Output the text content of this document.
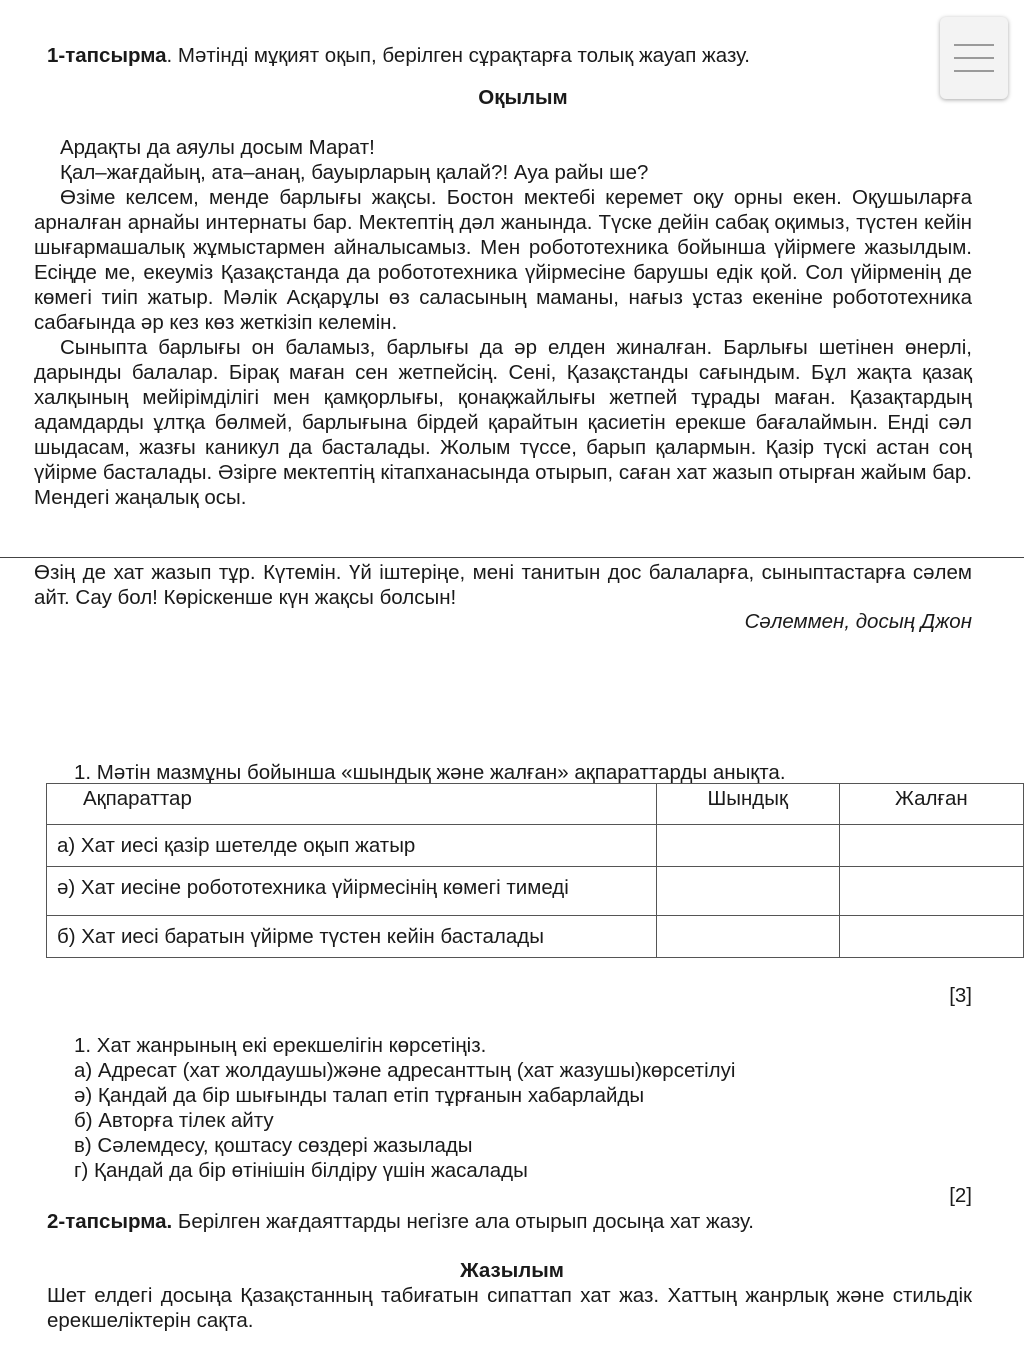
1-тапсырма. Мәтінді мұқият оқып, берілген сұрақтарға толық жауап жазу.
Оқылым
Ардақты да аяулы досым Марат!
Қал–жағдайың, ата–анаң, бауырларың қалай?! Ауа райы ше?
Өзіме келсем, менде барлығы жақсы. Бостон мектебі керемет оқу орны екен. Оқушыларға арналған арнайы интернаты бар. Мектептің дәл жанында. Түске дейін сабақ оқимыз, түстен кейін шығармашалық жұмыстармен айналысамыз. Мен робототехника бойынша үйірмеге жазылдым. Есіңде ме, екеуміз Қазақстанда да робототехника үйірмесіне барушы едік қой. Сол үйірменің де көмегі тиіп жатыр. Мәлік Асқарұлы өз саласының маманы, нағыз ұстаз екеніне робототехника сабағында әр кез көз жеткізіп келемін.
Сыныпта барлығы он баламыз, барлығы да әр елден жиналған. Барлығы шетінен өнерлі, дарынды балалар. Бірақ маған сен жетпейсің. Сені, Қазақстанды сағындым. Бұл жақта қазақ халқының мейірімділігі мен қамқорлығы, қонақжайлығы жетпей тұрады маған. Қазақтардың адамдарды ұлтқа бөлмей, барлығына бірдей қарайтын қасиетін ерекше бағалаймын. Енді сәл шыдасам, жазғы каникул да басталады. Жолым түссе, барып қалармын. Қазір түскі астан соң үйірме басталады. Әзірге мектептің кітапханасында отырып, саған хат жазып отырған жайым бар. Мендегі жаңалық осы.
Өзің де хат жазып тұр. Күтемін. Үй іштеріңе, мені танитын дос балаларға, сыныптастарға сәлем айт. Сау бол! Көріскенше күн жақсы болсын!
Сәлеммен, досың Джон
1. Мәтін мазмұны бойынша «шындық және жалған» ақпараттарды анықта.
Ақпараттар	Шындық	Жалған
а) Хат иесі қазір шетелде оқып жатыр		
ә) Хат иесіне робототехника үйірмесінің көмегі тимеді		
б) Хат иесі баратын үйірме түстен кейін басталады		
[3]
1. Хат жанрының екі ерекшелігін көрсетіңіз.
а) Адресат (хат жолдаушы)және адресанттың (хат жазушы)көрсетілуі
ә) Қандай да бір шығынды талап етіп тұрғанын хабарлайды
б) Авторға тілек айту
в) Сәлемдесу, қоштасу сөздері жазылады
г) Қандай да бір өтінішін білдіру үшін жасалады
[2]
2-тапсырма. Берілген жағдаяттарды негізге ала отырып досыңа хат жазу.
Жазылым
Шет елдегі досыңа Қазақстанның табиғатын сипаттап хат жаз. Хаттың жанрлық және стильдік ерекшеліктерін сақта.
